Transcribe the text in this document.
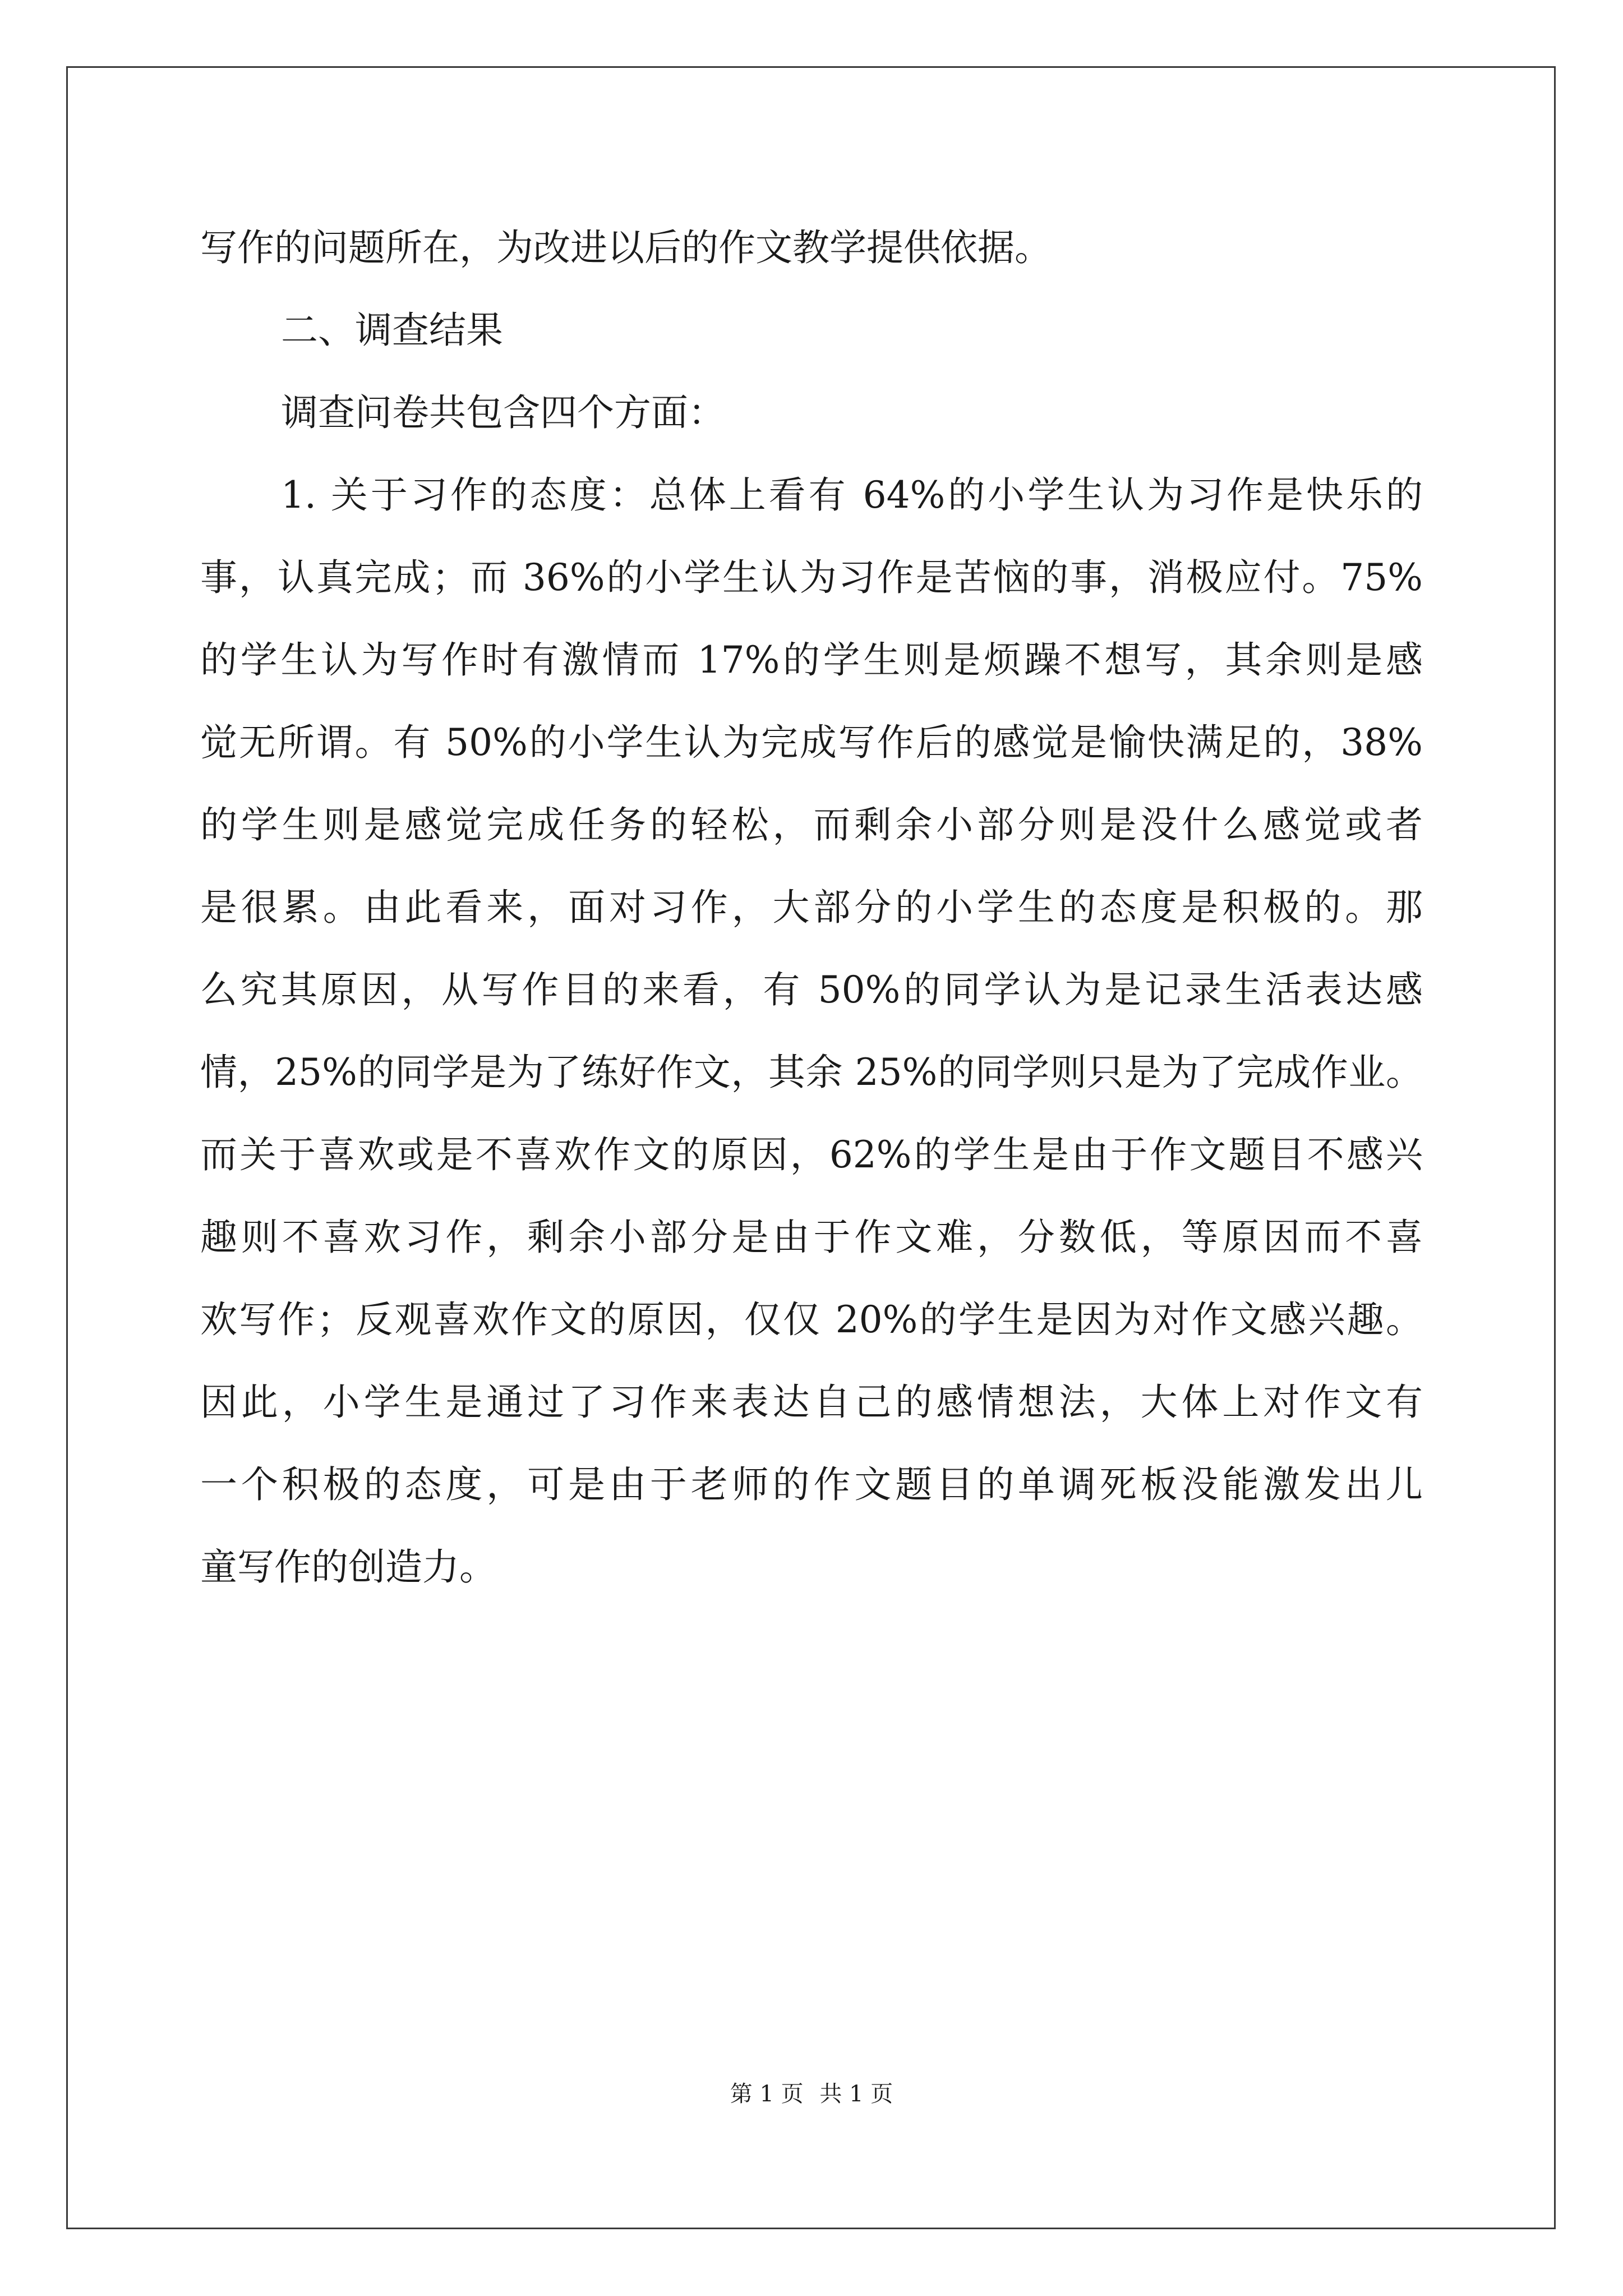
写作的问题所在，为改进以后的作文教学提供依据。

二、调查结果

调查问卷共包含四个方面：

1. 关于习作的态度：总体上看有 64%的小学生认为习作是快乐的

事，认真完成；而 36%的小学生认为习作是苦恼的事，消极应付。75%

的学生认为写作时有激情而 17%的学生则是烦躁不想写，其余则是感

觉无所谓。有 50%的小学生认为完成写作后的感觉是愉快满足的，38%

的学生则是感觉完成任务的轻松，而剩余小部分则是没什么感觉或者

是很累。由此看来，面对习作，大部分的小学生的态度是积极的。那

么究其原因，从写作目的来看，有 50%的同学认为是记录生活表达感

情，25%的同学是为了练好作文，其余 25%的同学则只是为了完成作业。

而关于喜欢或是不喜欢作文的原因，62%的学生是由于作文题目不感兴

趣则不喜欢习作，剩余小部分是由于作文难，分数低，等原因而不喜

欢写作；反观喜欢作文的原因，仅仅 20%的学生是因为对作文感兴趣。

因此，小学生是通过了习作来表达自己的感情想法，大体上对作文有

一个积极的态度，可是由于老师的作文题目的单调死板没能激发出儿

童写作的创造力。

第 1 页 共 1 页
